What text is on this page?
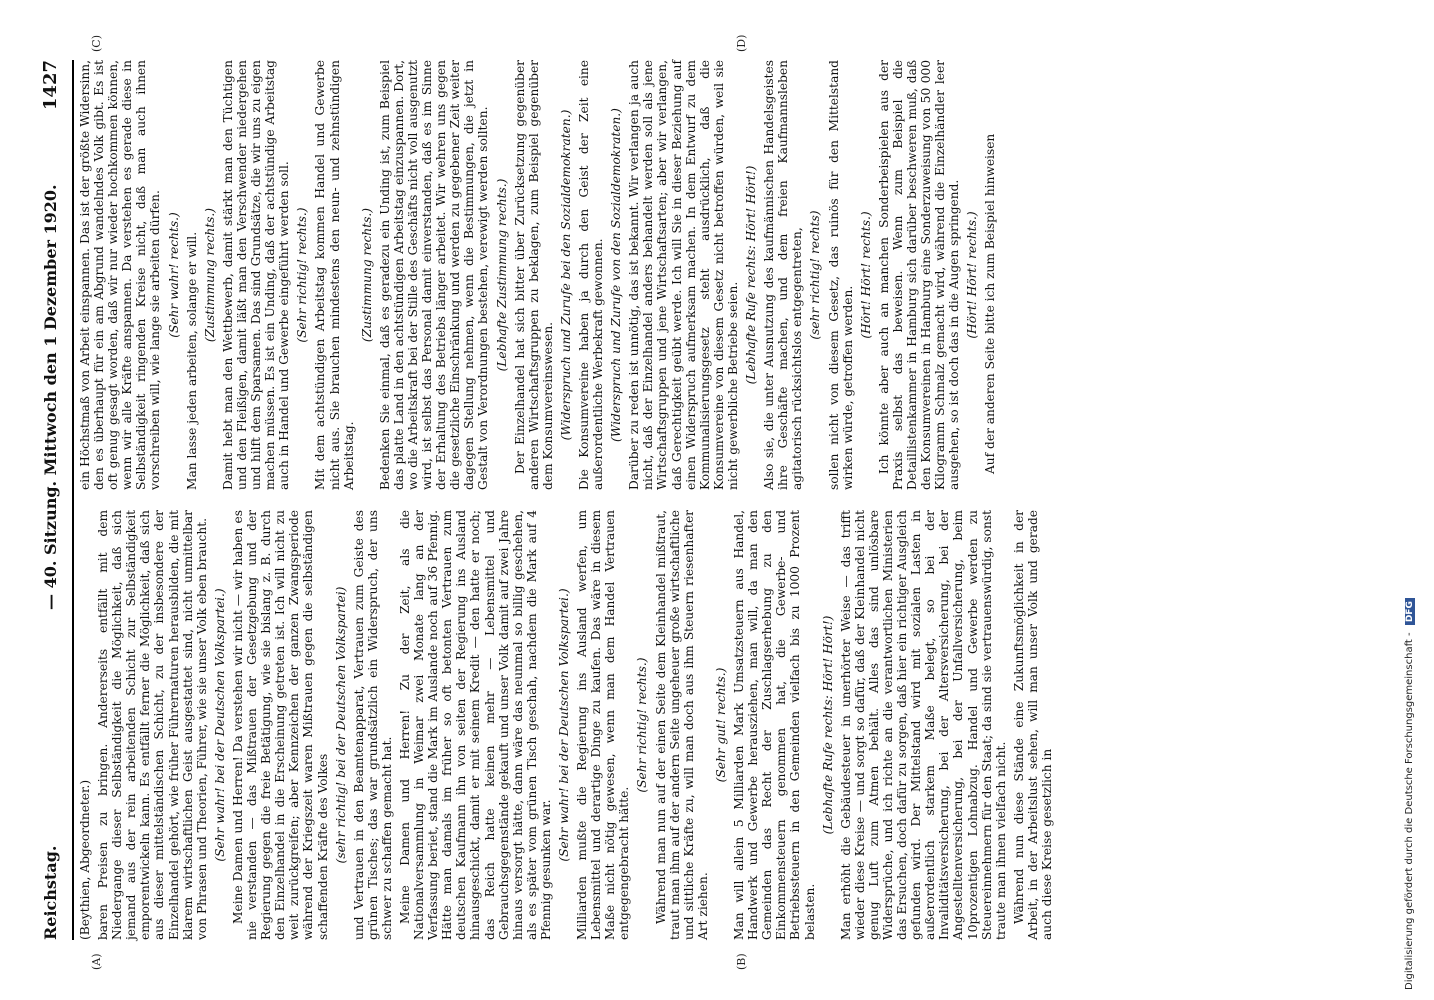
Reichstag.
— 40. Sitzung. Mittwoch den 1 Dezember 1920.
1427
(A)	(B)
(C)	(D)

(Beythien, Abgeordneter.) baren Preisen zu bringen. Andererseits entfällt mit dem Niedergange dieser Selbständigkeit die Möglichkeit, daß sich jemand aus der rein arbeitenden Schicht zur Selbständigkeit emporentwickeln kann. Es entfällt ferner die Möglichkeit, daß sich aus dieser mittelständischen Schicht, zu der insbesondere der Einzelhandel gehört, wie früher Führernaturen herausbilden, die mit klarem wirtschaftlichen Geist ausgestattet sind, nicht unmittelbar von Phrasen und Theorien, Führer, wie sie unser Volk eben braucht. (Sehr wahr! bei der Deutschen Volkspartei.) Meine Damen und Herren! Da verstehen wir nicht — wir haben es nie verstanden — das Mißtrauen der Gesetzgebung und der Regierung gegen die freie Betätigung, wie sie bislang z. B. durch den Einzelhandel in die Erscheinung getreten ist. Ich will nicht zu weit zurückgreifen; aber Kennzeichen der ganzen Zwangsperiode während der Kriegszeit waren Mißtrauen gegen die selbständigen schaffenden Kräfte des Volkes (sehr richtig! bei der Deutschen Volkspartei) und Vertrauen in den Beamtenapparat, Vertrauen zum Geiste des grünen Tisches; das war grundsätzlich ein Widerspruch, der uns schwer zu schaffen gemacht hat. Meine Damen und Herren! Zu der Zeit, als die Nationalversammlung in Weimar zwei Monate lang an der Verfassung beriet, stand die Mark im Auslande noch auf 36 Pfennig. Hätte man damals im früher so oft betonten Vertrauen zum deutschen Kaufmann ihn von seiten der Regierung ins Ausland hinausgeschickt, damit er mit seinem Kredit — den hatte er noch; das Reich hatte keinen mehr — Lebensmittel und Gebrauchsgegenstände gekauft und unser Volk damit auf zwei Jahre hinaus versorgt hätte, dann wäre das neunmal so billig geschehen, als es später vom grünen Tisch geschah, nachdem die Mark auf 4 Pfennig gesunken war.

(Sehr wahr! bei der Deutschen Volkspartei.) Milliarden mußte die Regierung ins Ausland werfen, um Lebensmittel und derartige Dinge zu kaufen. Das wäre in diesem Maße nicht nötig gewesen, wenn man dem Handel Vertrauen entgegengebracht hätte.

(Sehr richtig! rechts.) Während man nun auf der einen Seite dem Kleinhandel mißtraut, traut man ihm auf der andern Seite ungeheuer große wirtschaftliche und sittliche Kräfte zu, will man doch aus ihm Steuern riesenhafter Art ziehen.

(Sehr gut! rechts.) Man will allein 5 Milliarden Mark Umsatzsteuern aus Handel, Handwerk und Gewerbe herausziehen, man will, da man den Gemeinden das Recht der Zuschlagserhebung zu den Einkommensteuern genommen hat, die Gewerbe- und Betriebssteuern in den Gemeinden vielfach bis zu 1000 Prozent belasten.

(Lebhafte Rufe rechts: Hört! Hört!) Man erhöht die Gebäudesteuer in unerhörter Weise — das trifft wieder diese Kreise — und sorgt so dafür, daß der Kleinhandel nicht genug Luft zum Atmen behält. Alles das sind unlösbare Widersprüche, und ich richte an die verantwortlichen Ministerien das Ersuchen, doch dafür zu sorgen, daß hier ein richtiger Ausgleich gefunden wird. Der Mittelstand wird mit sozialen Lasten in außerordentlich starkem Maße belegt, so bei der Invaliditätsversicherung, bei der Altersversicherung, bei der Angestelltenversicherung, bei der Unfallversicherung, beim 10prozentigen Lohnabzug. Handel und Gewerbe werden zu Steuereinnehmern für den Staat; da sind sie vertrauenswürdig, sonst traute man ihnen vielfach nicht. Während nun diese Stände eine Zukunftsmöglichkeit in der Arbeit, in der Arbeitslust sehen, will man unser Volk und gerade auch diese Kreise gesetzlich in

ein Höchstmaß von Arbeit einspannen. Das ist der größte Widersinn, den es überhaupt für ein am Abgrund wandelndes Volk gibt. Es ist oft genug gesagt worden, daß wir nur wieder hochkommen können, wenn wir alle Kräfte anspannen. Da verstehen es gerade diese in Selbständigkeit ringenden Kreise nicht, daß man auch ihnen vorschreiben will, wie lange sie arbeiten dürfen. (Sehr wahr! rechts.) Man lasse jeden arbeiten, solange er will. (Zustimmung rechts.) Damit hebt man den Wettbewerb, damit stärkt man den Tüchtigen und den Fleißigen, damit läßt man den Verschwender niedergehen und hilft dem Sparsamen. Das sind Grundsätze, die wir uns zu eigen machen müssen. Es ist ein Unding, daß der achtstündige Arbeitstag auch in Handel und Gewerbe eingeführt werden soll. (Sehr richtig! rechts.) Mit dem achtstündigen Arbeitstag kommen Handel und Gewerbe nicht aus. Sie brauchen mindestens den neun- und zehnstündigen Arbeitstag.

(Zustimmung rechts.) Bedenken Sie einmal, daß es geradezu ein Unding ist, zum Beispiel das platte Land in den achtstündigen Arbeitstag einzuspannen. Dort, wo die Arbeitskraft bei der Stille des Geschäfts nicht voll ausgenutzt wird, ist selbst das Personal damit einverstanden, daß es im Sinne der Erhaltung des Betriebs länger arbeitet. Wir wehren uns gegen die gesetzliche Einschränkung und werden zu gegebener Zeit weiter dagegen Stellung nehmen, wenn die Bestimmungen, die jetzt in Gestalt von Verordnungen bestehen, verewigt werden sollten. (Lebhafte Zustimmung rechts.) Der Einzelhandel hat sich bitter über Zurücksetzung gegenüber anderen Wirtschaftsgruppen zu beklagen, zum Beispiel gegenüber dem Konsumvereinswesen. (Widerspruch und Zurufe bei den Sozialdemokraten.) Die Konsumvereine haben ja durch den Geist der Zeit eine außerordentliche Werbekraft gewonnen. (Widerspruch und Zurufe von den Sozialdemokraten.) Darüber zu reden ist unnötig, das ist bekannt. Wir verlangen ja auch nicht, daß der Einzelhandel anders behandelt werden soll als jene Wirtschaftsgruppen und jene Wirtschaftsarten; aber wir verlangen, daß Gerechtigkeit geübt werde. Ich will Sie in dieser Beziehung auf einen Widerspruch aufmerksam machen. In dem Entwurf zu dem Kommunalisierungsgesetz steht ausdrücklich, daß die Konsumvereine von diesem Gesetz nicht betroffen würden, weil sie nicht gewerbliche Betriebe seien.

(Lebhafte Rufe rechts: Hört! Hört!) Also sie, die unter Ausnutzung des kaufmännischen Handelsgeistes ihre Geschäfte machen, und dem freien Kaufmannsleben agitatorisch rücksichtslos entgegentreten, (sehr richtig! rechts) sollen nicht von diesem Gesetz, das ruinös für den Mittelstand wirken würde, getroffen werden.

(Hört! Hört! rechts.) Ich könnte aber auch an manchen Sonderbeispielen aus der Praxis selbst das beweisen. Wenn zum Beispiel die Detaillistenkammer in Hamburg sich darüber beschweren muß, daß den Konsumvereinen in Hamburg eine Sonderzuweisung von 50 000 Kilogramm Schmalz gemacht wird, während die Einzelhändler leer ausgehen, so ist doch das in die Augen springend. (Hört! Hört! rechts.) Auf der anderen Seite bitte ich zum Beispiel hinweisen

Digitalisierung gefördert durch die Deutsche Forschungsgemeinschaft - DFG
